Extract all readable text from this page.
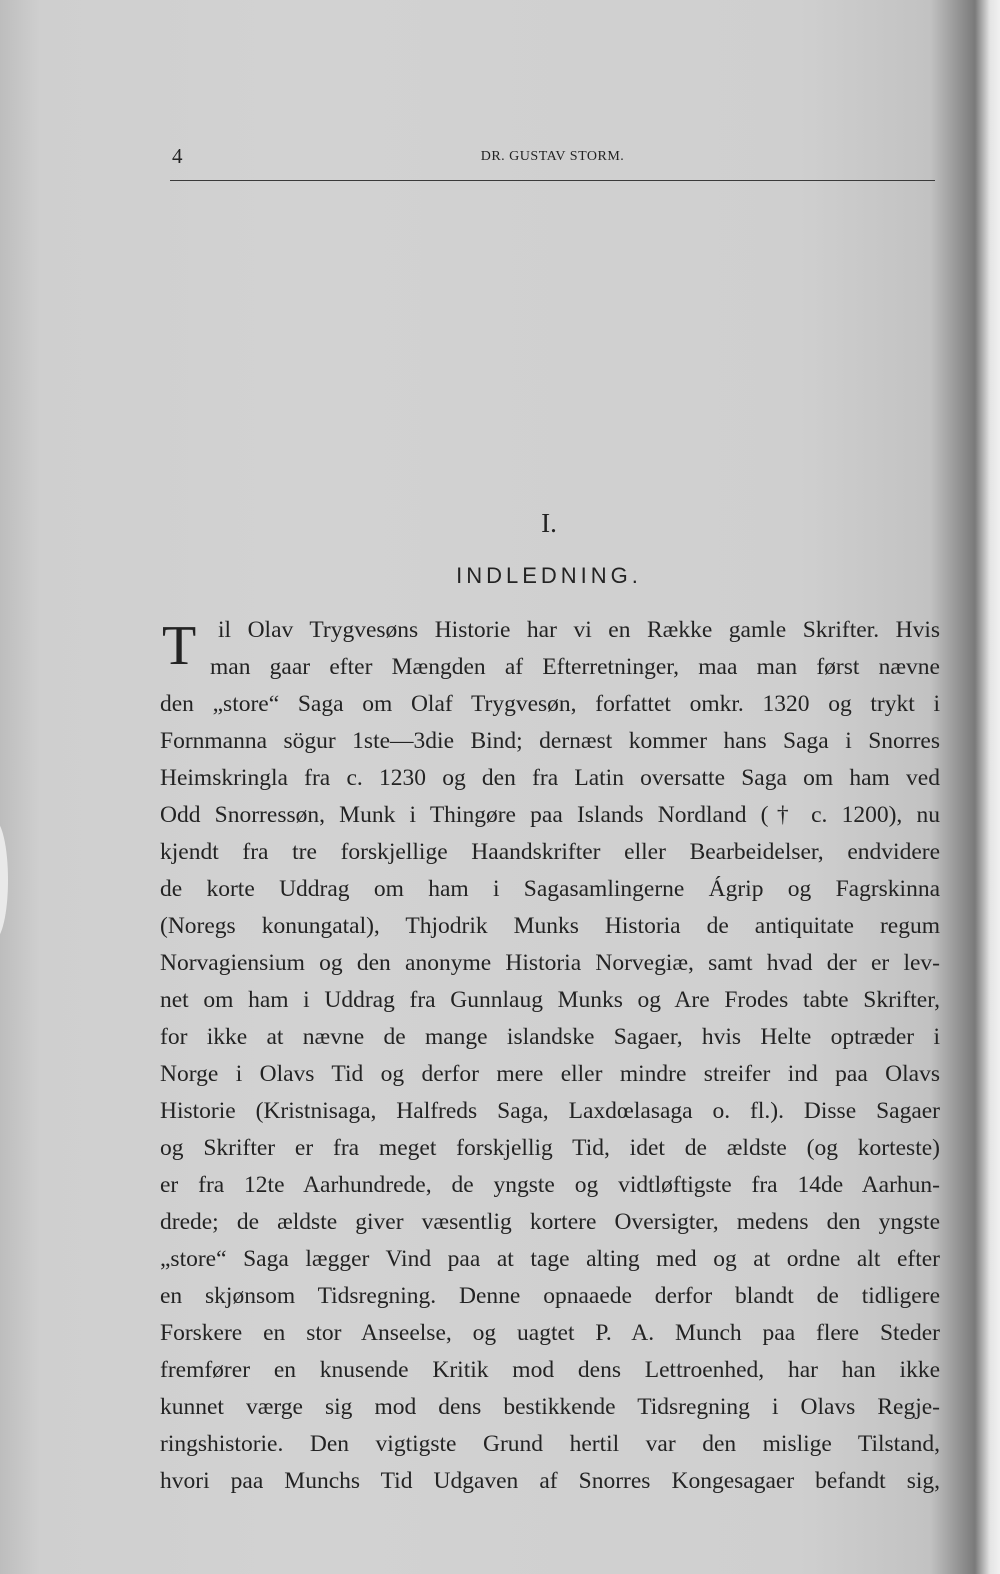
4	DR. GUSTAV STORM.
I.
INDLEDNING.
T il Olav Trygvesøns Historie har vi en Række gamle Skrifter. Hvis
man gaar efter Mængden af Efterretninger, maa man først nævne
den „store“ Saga om Olaf Trygvesøn, forfattet omkr. 1320 og trykt i
Fornmanna sögur 1ste—3die Bind; dernæst kommer hans Saga i Snorres
Heimskringla fra c. 1230 og den fra Latin oversatte Saga om ham ved
Odd Snorressøn, Munk i Thingøre paa Islands Nordland († c. 1200), nu
kjendt fra tre forskjellige Haandskrifter eller Bearbeidelser, endvidere
de korte Uddrag om ham i Sagasamlingerne Ágrip og Fagrskinna
(Noregs konungatal), Thjodrik Munks Historia de antiquitate regum
Norvagiensium og den anonyme Historia Norvegiæ, samt hvad der er lev-
net om ham i Uddrag fra Gunnlaug Munks og Are Frodes tabte Skrifter,
for ikke at nævne de mange islandske Sagaer, hvis Helte optræder i
Norge i Olavs Tid og derfor mere eller mindre streifer ind paa Olavs
Historie (Kristnisaga, Halfreds Saga, Laxdœlasaga o. fl.). Disse Sagaer
og Skrifter er fra meget forskjellig Tid, idet de ældste (og korteste)
er fra 12te Aarhundrede, de yngste og vidtløftigste fra 14de Aarhun-
drede; de ældste giver væsentlig kortere Oversigter, medens den yngste
„store“ Saga lægger Vind paa at tage alting med og at ordne alt efter
en skjønsom Tidsregning. Denne opnaaede derfor blandt de tidligere
Forskere en stor Anseelse, og uagtet P. A. Munch paa flere Steder
fremfører en knusende Kritik mod dens Lettroenhed, har han ikke
kunnet værge sig mod dens bestikkende Tidsregning i Olavs Regje-
ringshistorie. Den vigtigste Grund hertil var den mislige Tilstand,
hvori paa Munchs Tid Udgaven af Snorres Kongesagaer befandt sig,
